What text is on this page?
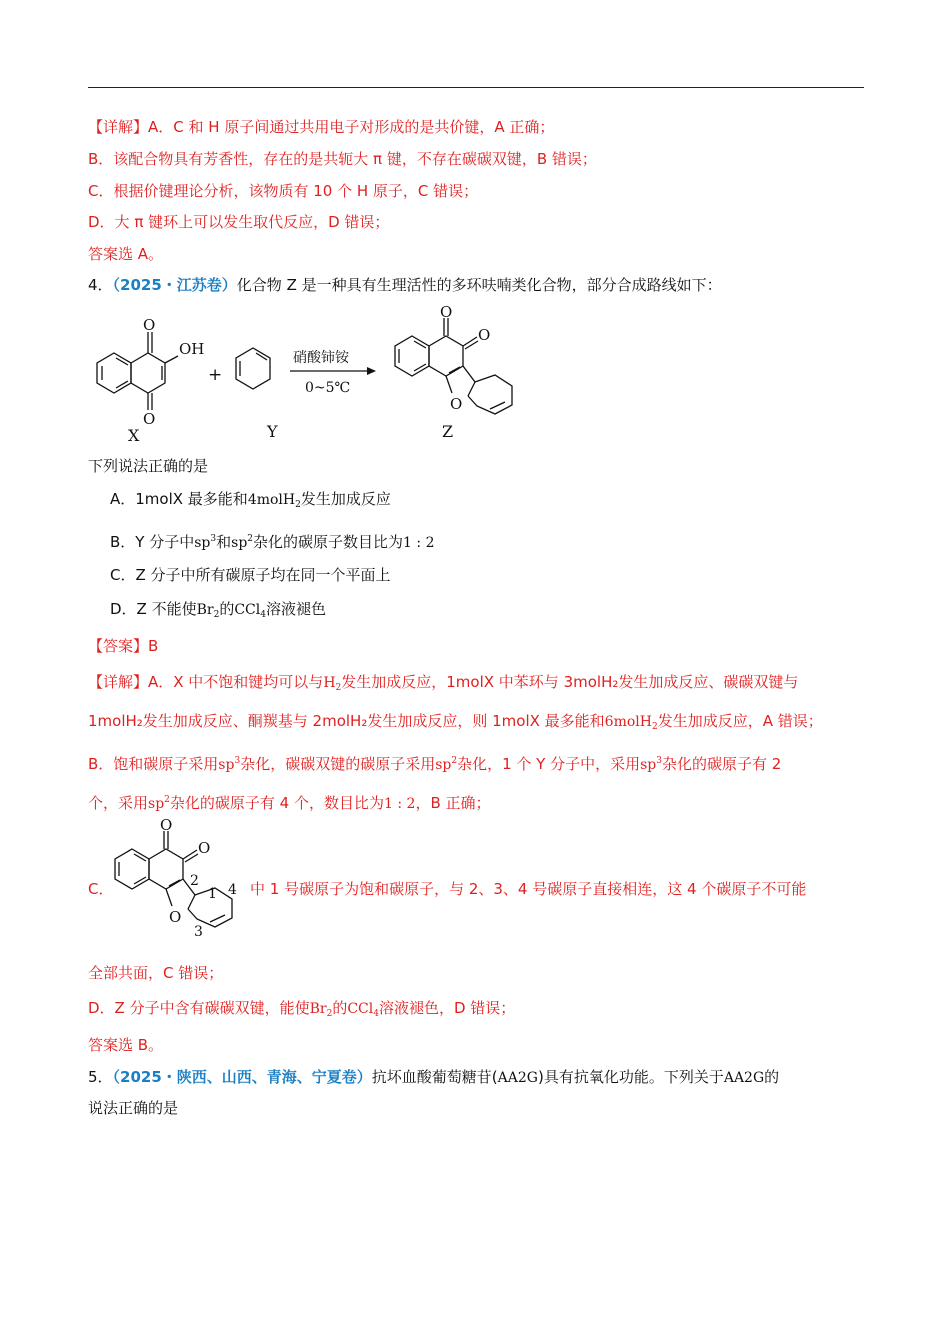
【详解】A．C 和 H 原子间通过共用电子对形成的是共价键，A 正确；
B．该配合物具有芳香性，存在的是共轭大 π 键，不存在碳碳双键，B 错误；
C．根据价键理论分析，该物质有 10 个 H 原子，C 错误；
D．大 π 键环上可以发生取代反应，D 错误；
答案选 A。
4．（2025・江苏卷）化合物 Z 是一种具有生理活性的多环呋喃类化合物，部分合成路线如下：
O
O
OH
X
+
Y
硝酸铈铵
0~5℃
O
O
O
Z
下列说法正确的是
A．1molX 最多能和4molH$_2$发生加成反应
B．Y 分子中$sp^3$和$sp^2$杂化的碳原子数目比为1 : 2
C．Z 分子中所有碳原子均在同一个平面上
D．Z 不能使$Br_2$的CCl$_4$溶液褪色
【答案】B
【详解】A．X 中不饱和键均可以与$H_2$发生加成反应，1molX 中苯环与 3molH₂发生加成反应、碳碳双键与
1molH₂发生加成反应、酮羰基与 2molH₂发生加成反应，则 1molX 最多能和6molH$_2$发生加成反应，A 错误；
B．饱和碳原子采用$sp^3$杂化，碳碳双键的碳原子采用$sp^2$杂化，1 个 Y 分子中，采用$sp^3$杂化的碳原子有 2
个，采用$sp^2$杂化的碳原子有 4 个，数目比为1 : 2，B 正确；
C．
O
O
O
1
2
3
4 中 1 号碳原子为饱和碳原子，与 2、3、4 号碳原子直接相连，这 4 个碳原子不可能
全部共面，C 错误；
D．Z 分子中含有碳碳双键，能使$Br_2$的CCl$_4$溶液褪色，D 错误；
答案选 B。
5．（2025・陕西、山西、青海、宁夏卷）抗坏血酸葡萄糖苷(AA2G)具有抗氧化功能。下列关于AA2G的
说法正确的是
